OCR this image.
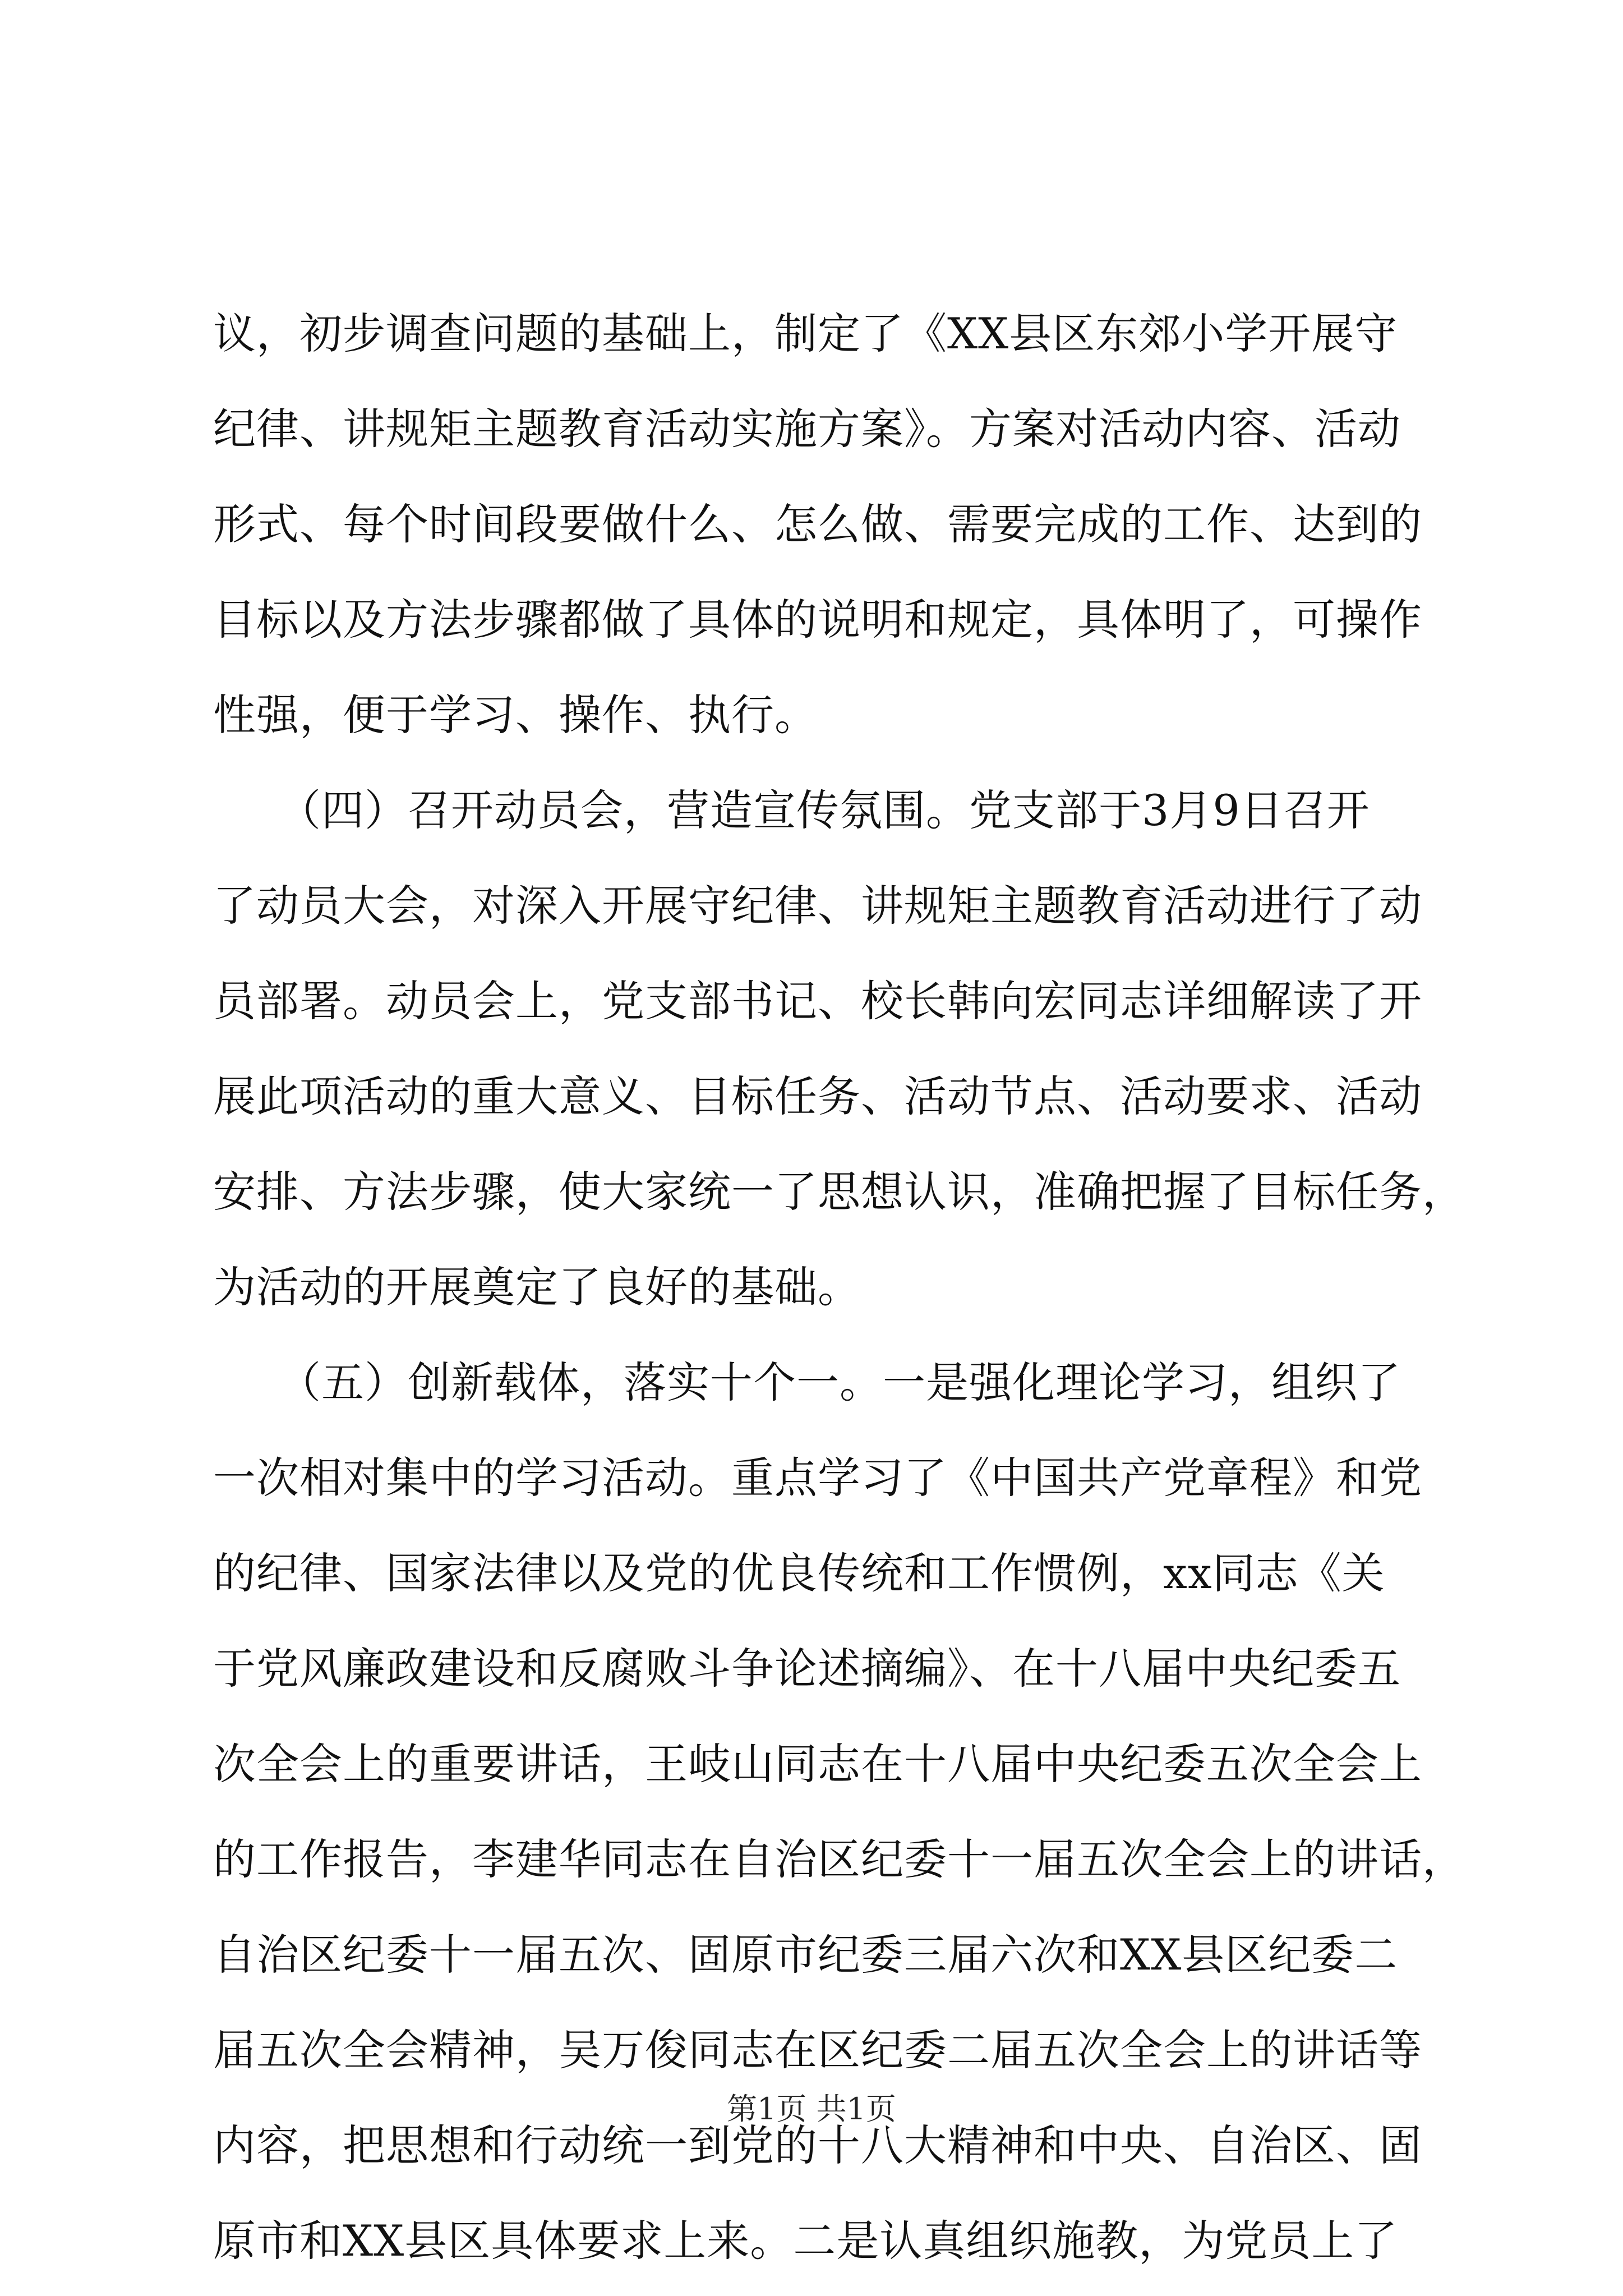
议，初步调查问题的基础上，制定了《XX县区东郊小学开展守
纪律、讲规矩主题教育活动实施方案》。方案对活动内容、活动
形式、每个时间段要做什么、怎么做、需要完成的工作、达到的
目标以及方法步骤都做了具体的说明和规定，具体明了，可操作
性强，便于学习、操作、执行。
　　（四）召开动员会，营造宣传氛围。党支部于3月9日召开
了动员大会，对深入开展守纪律、讲规矩主题教育活动进行了动
员部署。动员会上，党支部书记、校长韩向宏同志详细解读了开
展此项活动的重大意义、目标任务、活动节点、活动要求、活动
安排、方法步骤，使大家统一了思想认识，准确把握了目标任务，
为活动的开展奠定了良好的基础。
　　（五）创新载体，落实十个一。一是强化理论学习，组织了
一次相对集中的学习活动。重点学习了《中国共产党章程》和党
的纪律、国家法律以及党的优良传统和工作惯例，xx同志《关
于党风廉政建设和反腐败斗争论述摘编》、在十八届中央纪委五
次全会上的重要讲话，王岐山同志在十八届中央纪委五次全会上
的工作报告，李建华同志在自治区纪委十一届五次全会上的讲话，
自治区纪委十一届五次、固原市纪委三届六次和XX县区纪委二
届五次全会精神，吴万俊同志在区纪委二届五次全会上的讲话等
内容，把思想和行动统一到党的十八大精神和中央、自治区、固
原市和XX县区具体要求上来。二是认真组织施教，为党员上了
第1页 共1页
